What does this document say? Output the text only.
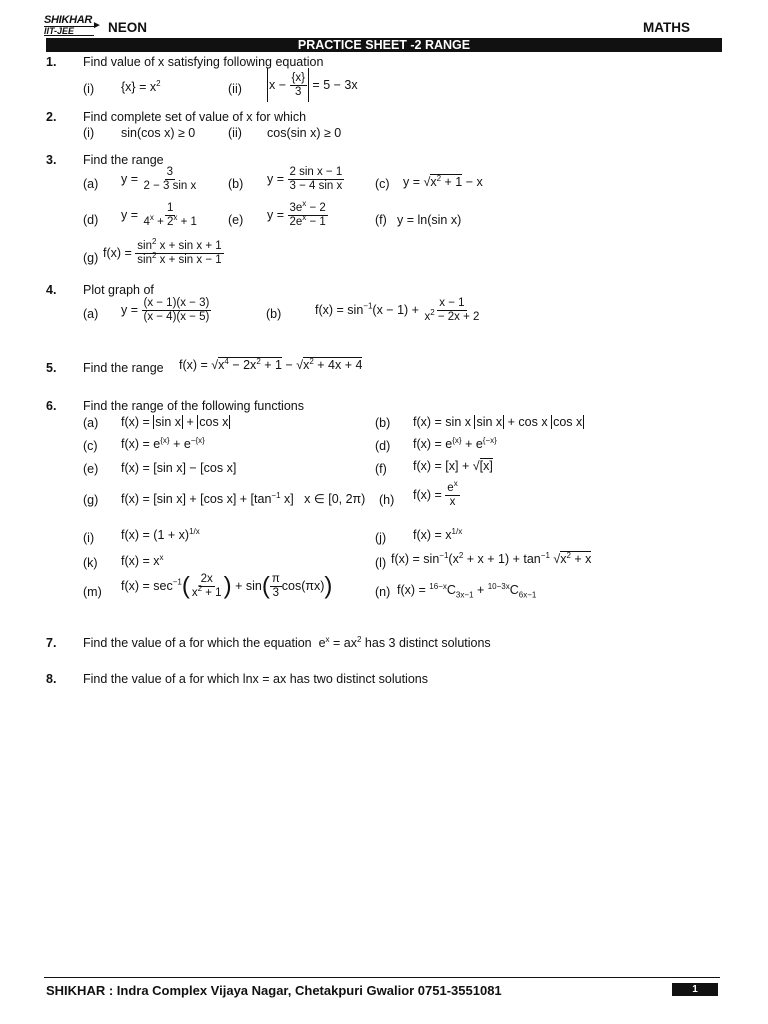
SHIKHAR
IIT-JEE	► NEON	MATHS
PRACTICE SHEET -2 RANGE
1. Find value of x satisfying following equation
(i) $\{x\} = x^2$	(ii) $x - \frac{\{x\}}{3} = 5 - 3x$
2. Find complete set of value of x for which
(i) sin(cos x) ≥ 0	(ii) cos(sin x) ≥ 0
3. Find the range
(a) $y = \frac{3}{\text{2 − 3 sin x}} (b) y = \frac{\text{2 sin x − 1}}{\text{3 − 4 sin x}} (c) y = √x^2 + 1 - x$
(d) $y = \frac{1}{4^x + 2^x + 1} (e) y = \frac{3e^x - 2}{2e^x - 1}$	(f) y = ln(sin x)
(g) $f(x) = \frac{\sin^2 x + \sin x + 1}{\sin^2 x + \sin x - 1}$
4. Plot graph of
(a) $y = \frac{(x - 1)(x - 3)}{(x - 4)(x - 5)}$	(b)	$f(x) = \sin^{-1}(x - 1) + \frac{x - 1}{x^2 - 2x + 2}$
5. Find the range $f(x) = √x^4 - 2x^2 + 1 - √x^2 + 4x + 4$
6. Find the range of the following functions
(a) f(x) = sin x + cos x	(b) f(x) = sin x sin x + cos x cos x
(c) $f(x) = e^{\{x\}} + e^{-\{x\}}$	(d) $f(x) = e^{\{x\}} + e^{\{-x\}}$
(e) f(x) = [sin x] − [cos x]	(f) f(x) = [x] + √[x]
(g) f(x) = [sin x] + [cos $x] + [\tan^{-1}$ x]   x ∈ [0, 2π) (h) $f(x) = \frac{e^x}{x}$
(i) $f(x) = (1 + x)^{1/x}$	(j) $f(x) = x^{1/x}$
(k) $f(x) = x^x$	(l) $f(x) = \sin^{-1}(x^2 + x + 1) + \tan^{-1} √x^2 + x$
(m) $f(x) = \sec^{-1}( \frac{2x}{x^2 + 1}$ ) + $\sin( \frac{\pi}{3} \cos(\pi x))$	(n) $f(x) = ^{16-x}C_{3x-1} + ^{10-3x}C_{6x-1}$
7. Find the value of a for which the equation  $e^x = ax^2$ has 3 distinct solutions
8. Find the value of a for which lnx = ax has two distinct solutions
SHIKHAR : Indra Complex Vijaya Nagar, Chetakpuri Gwalior 0751-3551081	1
